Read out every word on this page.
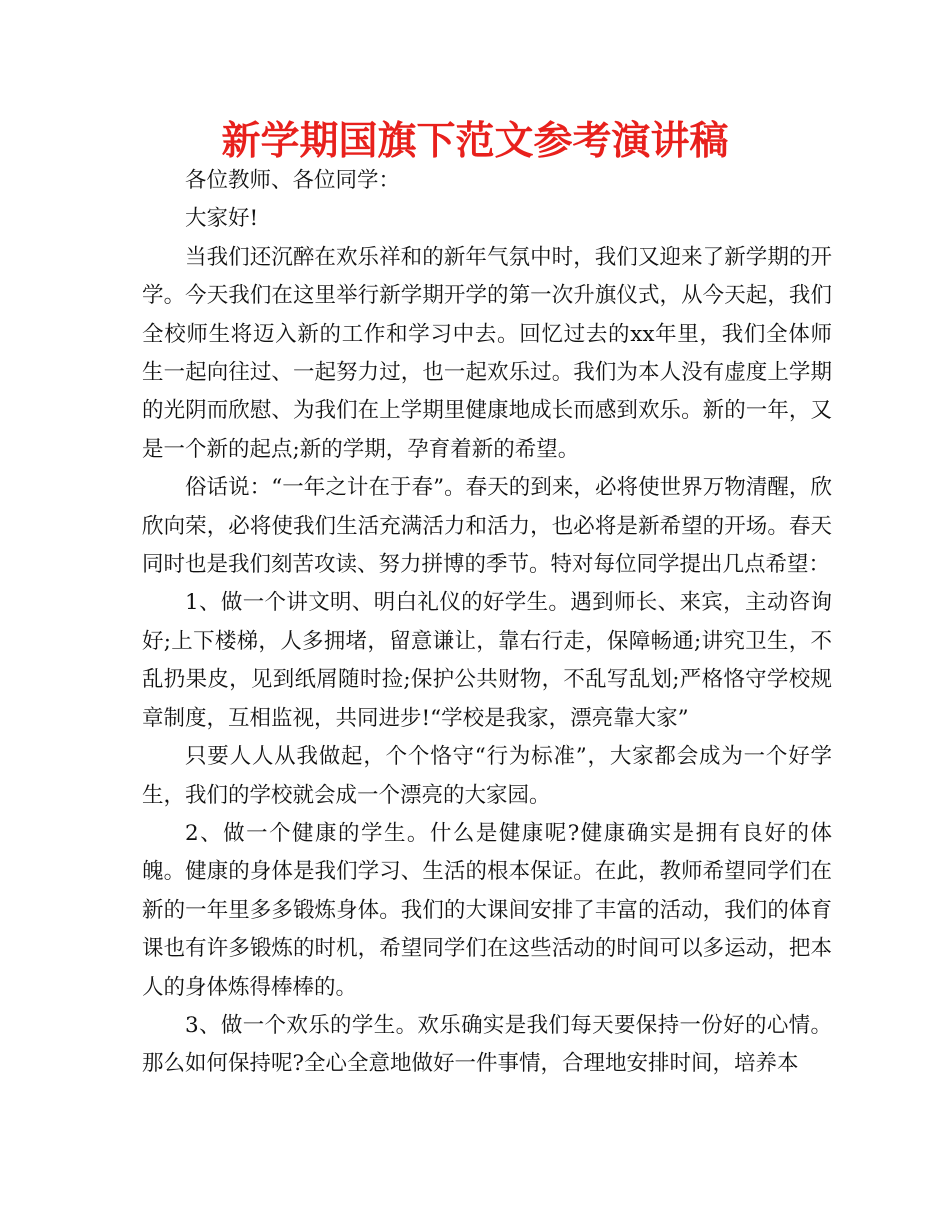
新学期国旗下范文参考演讲稿

各位教师、各位同学：

大家好!

当我们还沉醉在欢乐祥和的新年气氛中时，我们又迎来了新学期的开学。今天我们在这里举行新学期开学的第一次升旗仪式，从今天起，我们全校师生将迈入新的工作和学习中去。回忆过去的xx年里，我们全体师生一起向往过、一起努力过，也一起欢乐过。我们为本人没有虚度上学期的光阴而欣慰、为我们在上学期里健康地成长而感到欢乐。新的一年，又是一个新的起点;新的学期，孕育着新的希望。

俗话说：“一年之计在于春”。春天的到来，必将使世界万物清醒，欣欣向荣，必将使我们生活充满活力和活力，也必将是新希望的开场。春天同时也是我们刻苦攻读、努力拼博的季节。特对每位同学提出几点希望：

1、做一个讲文明、明白礼仪的好学生。遇到师长、来宾，主动咨询好;上下楼梯，人多拥堵，留意谦让，靠右行走，保障畅通;讲究卫生，不乱扔果皮，见到纸屑随时捡;保护公共财物，不乱写乱划;严格恪守学校规章制度，互相监视，共同进步!“学校是我家，漂亮靠大家”

只要人人从我做起，个个恪守“行为标准”，大家都会成为一个好学生，我们的学校就会成一个漂亮的大家园。

2、做一个健康的学生。什么是健康呢?健康确实是拥有良好的体魄。健康的身体是我们学习、生活的根本保证。在此，教师希望同学们在新的一年里多多锻炼身体。我们的大课间安排了丰富的活动，我们的体育课也有许多锻炼的时机，希望同学们在这些活动的时间可以多运动，把本人的身体炼得棒棒的。

3、做一个欢乐的学生。欢乐确实是我们每天要保持一份好的心情。那么如何保持呢?全心全意地做好一件事情，合理地安排时间，培养本
